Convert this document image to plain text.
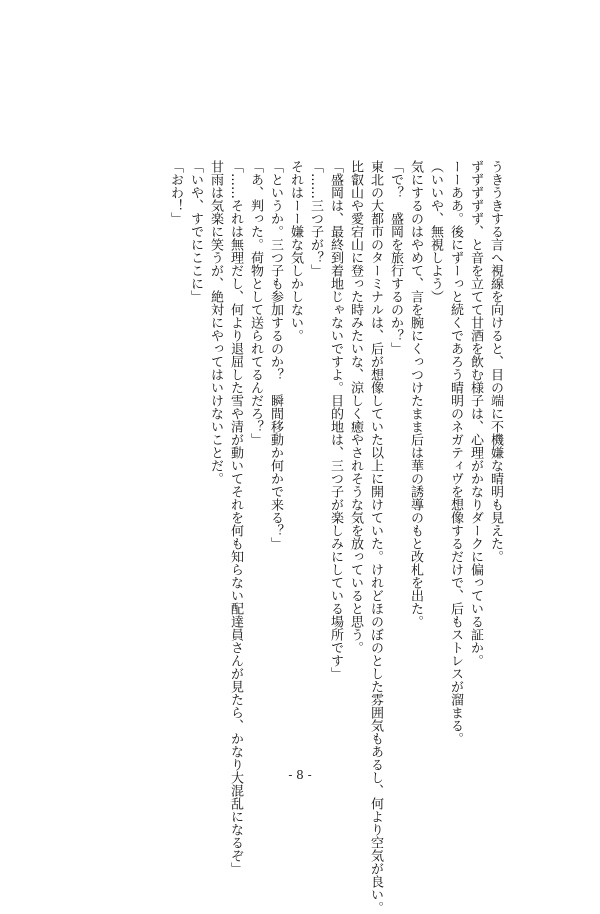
うきうきする言へ視線を向けると、目の端に不機嫌な晴明も見えた。
ずずずずず、と音を立てて甘酒を飲む様子は、心理がかなりダークに偏っている証か。
ーーああ。後にずーっと続くであろう晴明のネガティヴを想像するだけで、后もストレスが溜まる。
（いいや、無視しよう）
気にするのはやめて、言を腕にくっつけたまま后は華の誘導のもと改札を出た。
「で？　盛岡を旅行するのか？」
東北の大都市のターミナルは、后が想像していた以上に開けていた。けれどほのぼのとした雰囲気もあるし、何より空気が良い。
比叡山や愛宕山に登った時みたいな、涼しく癒やされそうな気を放っていると思う。
「盛岡は、最終到着地じゃないですよ。目的地は、三つ子が楽しみにしている場所です」
「……三つ子が？」
それはーー嫌な気しかしない。
「というか。三つ子も参加するのか？　瞬間移動か何かで来る？」
「あ、判った。荷物として送られてるんだろ？」
「……それは無理だし、何より退屈した雪や清が動いてそれを何も知らない配達員さんが見たら、かなり大混乱になるぞ」
甘雨は気楽に笑うが、絶対にやってはいけないことだ。
「いや、すでにここに」
「おわ！」
- 8 -
